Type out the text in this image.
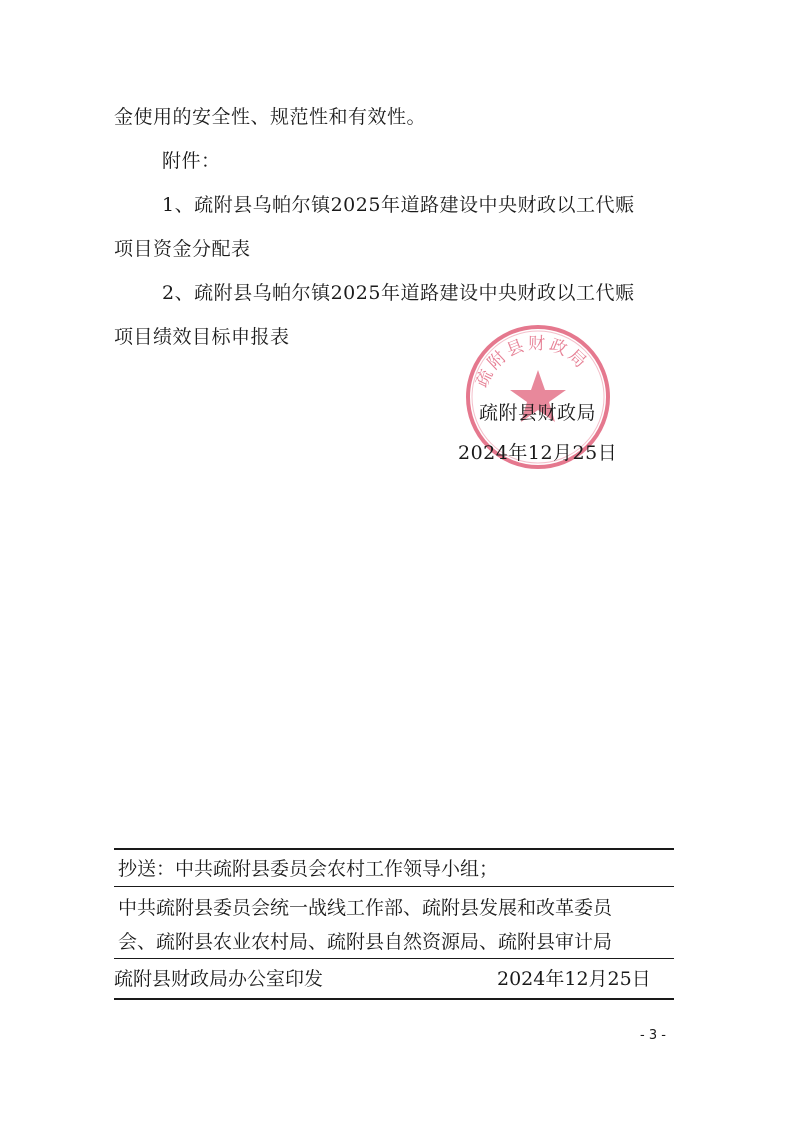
金使用的安全性、规范性和有效性。
附件：
1、疏附县乌帕尔镇2025年道路建设中央财政以工代赈
项目资金分配表
2、疏附县乌帕尔镇2025年道路建设中央财政以工代赈
项目绩效目标申报表
疏附县财政局
疏附县财政局
2024年12月25日
抄送：中共疏附县委员会农村工作领导小组；
中共疏附县委员会统一战线工作部、疏附县发展和改革委员
会、疏附县农业农村局、疏附县自然资源局、疏附县审计局
疏附县财政局办公室印发	2024年12月25日
- 3 -
